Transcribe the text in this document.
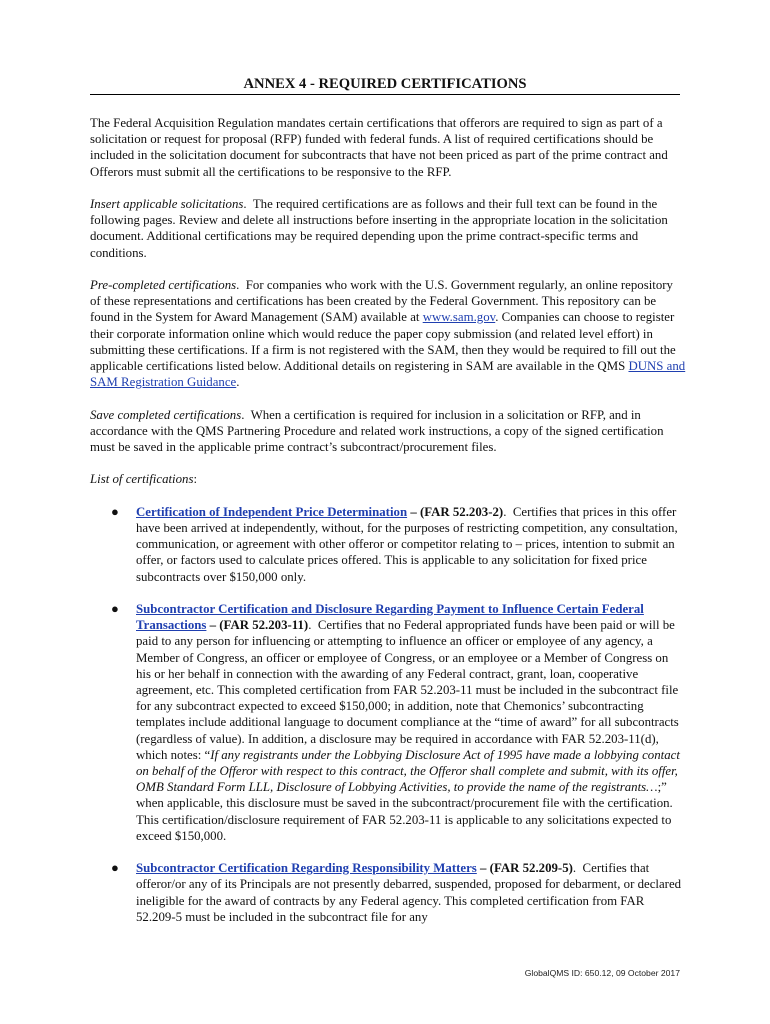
ANNEX 4 - REQUIRED CERTIFICATIONS

The Federal Acquisition Regulation mandates certain certifications that offerors are required to sign as part of a solicitation or request for proposal (RFP) funded with federal funds. A list of required certifications should be included in the solicitation document for subcontracts that have not been priced as part of the prime contract and Offerors must submit all the certifications to be responsive to the RFP.

Insert applicable solicitations.  The required certifications are as follows and their full text can be found in the following pages. Review and delete all instructions before inserting in the appropriate location in the solicitation document. Additional certifications may be required depending upon the prime contract-specific terms and conditions.

Pre-completed certifications.  For companies who work with the U.S. Government regularly, an online repository of these representations and certifications has been created by the Federal Government. This repository can be found in the System for Award Management (SAM) available at www.sam.gov. Companies can choose to register their corporate information online which would reduce the paper copy submission (and related level effort) in submitting these certifications. If a firm is not registered with the SAM, then they would be required to fill out the applicable certifications listed below. Additional details on registering in SAM are available in the QMS DUNS and SAM Registration Guidance.

Save completed certifications.  When a certification is required for inclusion in a solicitation or RFP, and in accordance with the QMS Partnering Procedure and related work instructions, a copy of the signed certification must be saved in the applicable prime contract’s subcontract/procurement files.

List of certifications:

● Certification of Independent Price Determination – (FAR 52.203-2).  Certifies that prices in this offer have been arrived at independently, without, for the purposes of restricting competition, any consultation, communication, or agreement with other offeror or competitor relating to – prices, intention to submit an offer, or factors used to calculate prices offered. This is applicable to any solicitation for fixed price subcontracts over $150,000 only.
● Subcontractor Certification and Disclosure Regarding Payment to Influence Certain Federal Transactions – (FAR 52.203-11).  Certifies that no Federal appropriated funds have been paid or will be paid to any person for influencing or attempting to influence an officer or employee of any agency, a Member of Congress, an officer or employee of Congress, or an employee or a Member of Congress on his or her behalf in connection with the awarding of any Federal contract, grant, loan, cooperative agreement, etc. This completed certification from FAR 52.203-11 must be included in the subcontract file for any subcontract expected to exceed $150,000; in addition, note that Chemonics’ subcontracting templates include additional language to document compliance at the “time of award” for all subcontracts (regardless of value). In addition, a disclosure may be required in accordance with FAR 52.203-11(d), which notes: “If any registrants under the Lobbying Disclosure Act of 1995 have made a lobbying contact on behalf of the Offeror with respect to this contract, the Offeror shall complete and submit, with its offer, OMB Standard Form LLL, Disclosure of Lobbying Activities, to provide the name of the registrants…;” when applicable, this disclosure must be saved in the subcontract/procurement file with the certification. This certification/disclosure requirement of FAR 52.203-11 is applicable to any solicitations expected to exceed $150,000.
● Subcontractor Certification Regarding Responsibility Matters – (FAR 52.209-5).  Certifies that offeror/or any of its Principals are not presently debarred, suspended, proposed for debarment, or declared ineligible for the award of contracts by any Federal agency. This completed certification from FAR 52.209-5 must be included in the subcontract file for any
GlobalQMS ID: 650.12, 09 October 2017
